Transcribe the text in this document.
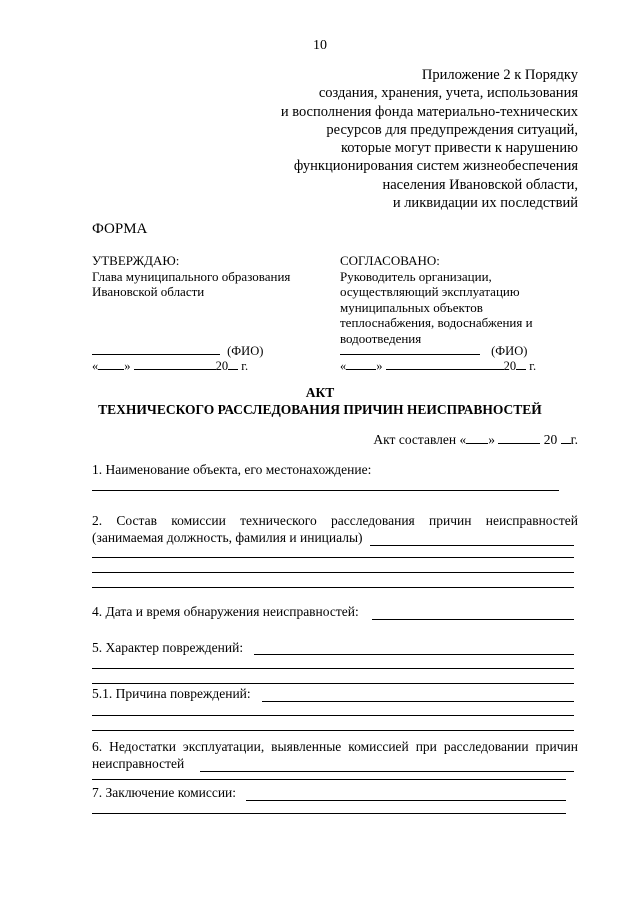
10
Приложение 2 к Порядку
создания, хранения, учета, использования
и восполнения фонда материально-технических
ресурсов для предупреждения ситуаций,
которые могут привести к нарушению
функционирования систем жизнеобеспечения
населения Ивановской области,
и ликвидации их последствий
ФОРМА
УТВЕРЖДАЮ:
Глава муниципального образования
Ивановской области
(ФИО)
« »	20 г.
СОГЛАСОВАНО:
Руководитель организации,
осуществляющий эксплуатацию
муниципальных объектов
теплоснабжения, водоснабжения и
водоотведения
(ФИО)
« »	20 г.
АКТ
ТЕХНИЧЕСКОГО РАССЛЕДОВАНИЯ ПРИЧИН НЕИСПРАВНОСТЕЙ
Акт составлен « »	20 г.
1. Наименование объекта, его местонахождение:
2. Состав комиссии технического расследования причин неисправностей
(занимаемая должность, фамилия и инициалы)
4. Дата и время обнаружения неисправностей:
5. Характер повреждений:
5.1. Причина повреждений:
6. Недостатки эксплуатации, выявленные комиссией при расследовании причин
неисправностей
7. Заключение комиссии:
